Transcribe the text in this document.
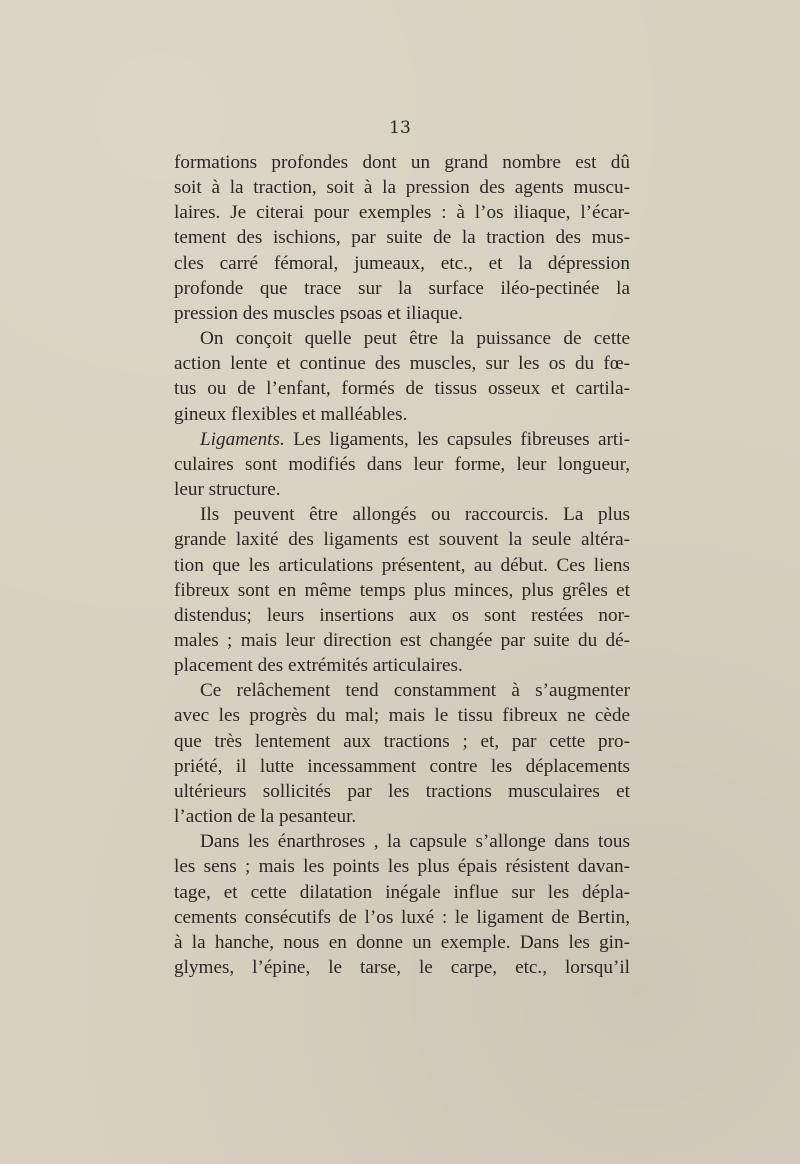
13
formations profondes dont un grand nombre est dû
soit à la traction, soit à la pression des agents muscu-
laires. Je citerai pour exemples : à l’os iliaque, l’écar-
tement des ischions, par suite de la traction des mus-
cles carré fémoral, jumeaux, etc., et la dépression
profonde que trace sur la surface iléo-pectinée la
pression des muscles psoas et iliaque.
On conçoit quelle peut être la puissance de cette
action lente et continue des muscles, sur les os du fœ-
tus ou de l’enfant, formés de tissus osseux et cartila-
gineux flexibles et malléables.
Ligaments. Les ligaments, les capsules fibreuses arti-
culaires sont modifiés dans leur forme, leur longueur,
leur structure.
Ils peuvent être allongés ou raccourcis. La plus
grande laxité des ligaments est souvent la seule altéra-
tion que les articulations présentent, au début. Ces liens
fibreux sont en même temps plus minces, plus grêles et
distendus; leurs insertions aux os sont restées nor-
males ; mais leur direction est changée par suite du dé-
placement des extrémités articulaires.
Ce relâchement tend constamment à s’augmenter
avec les progrès du mal; mais le tissu fibreux ne cède
que très lentement aux tractions ; et, par cette pro-
priété, il lutte incessamment contre les déplacements
ultérieurs sollicités par les tractions musculaires et
l’action de la pesanteur.
Dans les énarthroses , la capsule s’allonge dans tous
les sens ; mais les points les plus épais résistent davan-
tage, et cette dilatation inégale influe sur les dépla-
cements consécutifs de l’os luxé : le ligament de Bertin,
à la hanche, nous en donne un exemple. Dans les gin-
glymes, l’épine, le tarse, le carpe, etc., lorsqu’il
